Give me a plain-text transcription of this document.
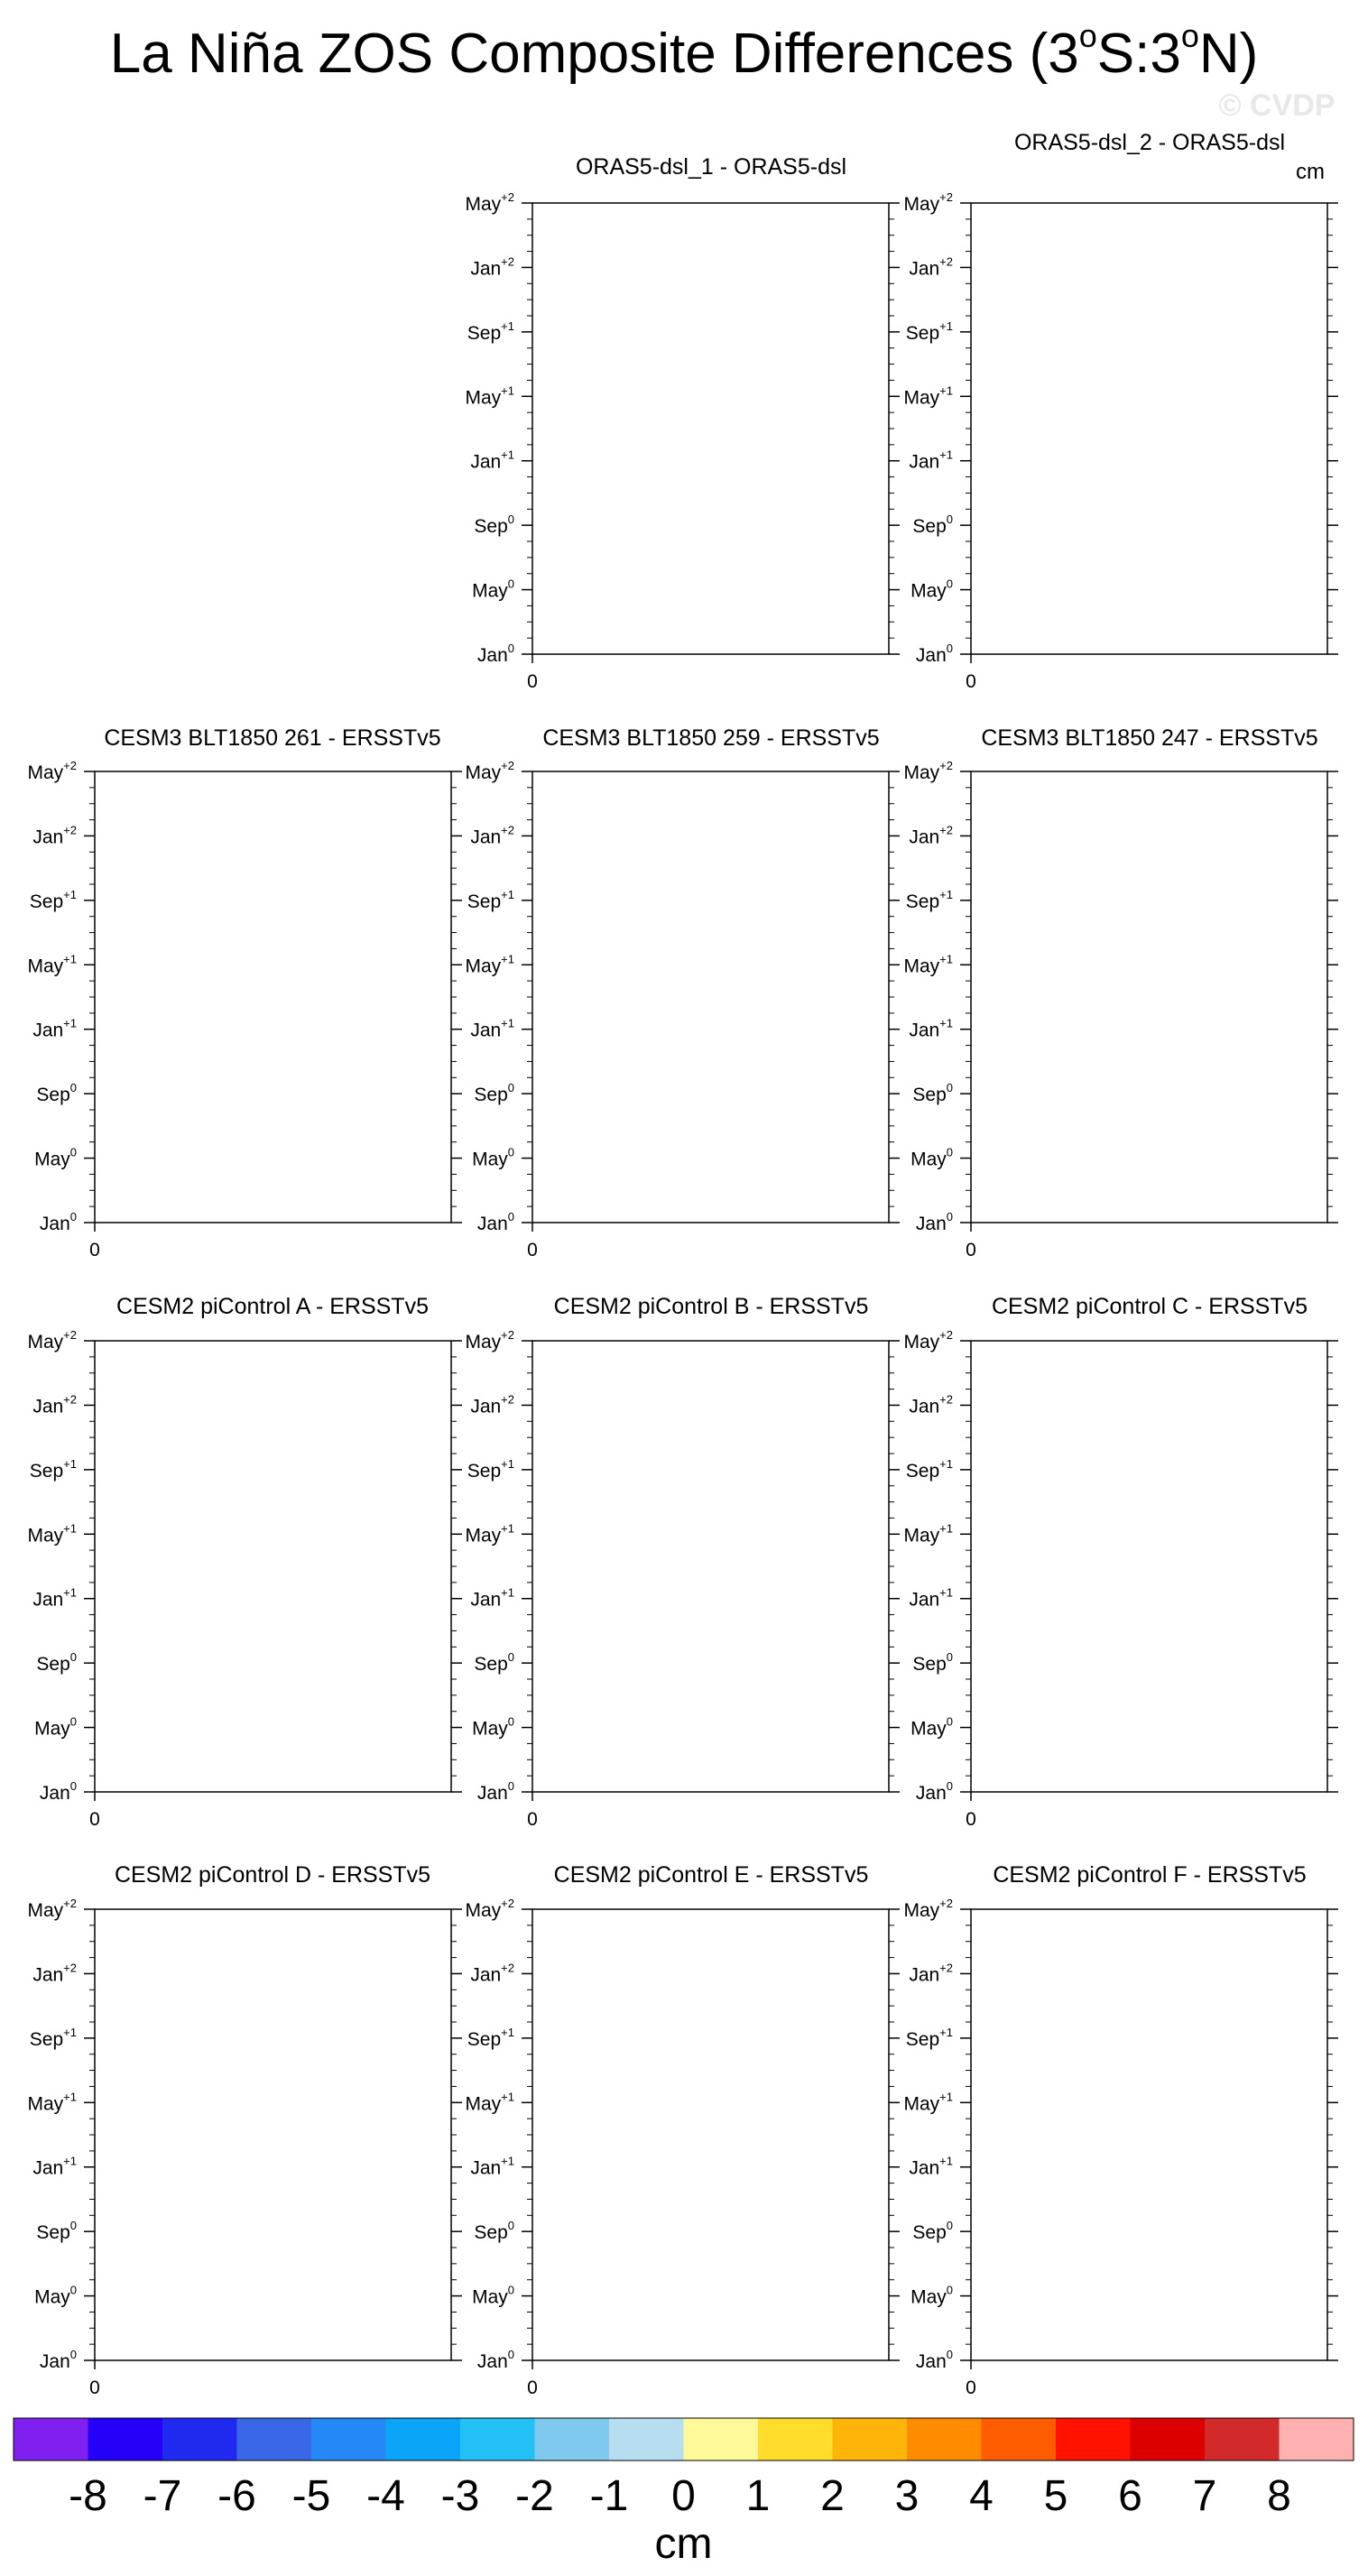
La Niña ZOS Composite Differences (3$^o$S:3$^o$N)
© CVDP
cm
ORAS5-dsl_1 - ORAS5-dsl
May$^{+2}$
Jan$^{+2}$
Sep$^{+1}$
May$^{+1}$
Jan$^{+1}$
Sep$^0$
May$^0$
Jan$^0$
0
ORAS5-dsl_2 - ORAS5-dsl
May$^{+2}$
Jan$^{+2}$
Sep$^{+1}$
May$^{+1}$
Jan$^{+1}$
Sep$^0$
May$^0$
Jan$^0$
0
CESM3 BLT1850 261 - ERSSTv5
May$^{+2}$
Jan$^{+2}$
Sep$^{+1}$
May$^{+1}$
Jan$^{+1}$
Sep$^0$
May$^0$
Jan$^0$
0
CESM3 BLT1850 259 - ERSSTv5
May$^{+2}$
Jan$^{+2}$
Sep$^{+1}$
May$^{+1}$
Jan$^{+1}$
Sep$^0$
May$^0$
Jan$^0$
0
CESM3 BLT1850 247 - ERSSTv5
May$^{+2}$
Jan$^{+2}$
Sep$^{+1}$
May$^{+1}$
Jan$^{+1}$
Sep$^0$
May$^0$
Jan$^0$
0
CESM2 piControl A - ERSSTv5
May$^{+2}$
Jan$^{+2}$
Sep$^{+1}$
May$^{+1}$
Jan$^{+1}$
Sep$^0$
May$^0$
Jan$^0$
0
CESM2 piControl B - ERSSTv5
May$^{+2}$
Jan$^{+2}$
Sep$^{+1}$
May$^{+1}$
Jan$^{+1}$
Sep$^0$
May$^0$
Jan$^0$
0
CESM2 piControl C - ERSSTv5
May$^{+2}$
Jan$^{+2}$
Sep$^{+1}$
May$^{+1}$
Jan$^{+1}$
Sep$^0$
May$^0$
Jan$^0$
0
CESM2 piControl D - ERSSTv5
May$^{+2}$
Jan$^{+2}$
Sep$^{+1}$
May$^{+1}$
Jan$^{+1}$
Sep$^0$
May$^0$
Jan$^0$
0
CESM2 piControl E - ERSSTv5
May$^{+2}$
Jan$^{+2}$
Sep$^{+1}$
May$^{+1}$
Jan$^{+1}$
Sep$^0$
May$^0$
Jan$^0$
0
CESM2 piControl F - ERSSTv5
May$^{+2}$
Jan$^{+2}$
Sep$^{+1}$
May$^{+1}$
Jan$^{+1}$
Sep$^0$
May$^0$
Jan$^0$
0
-8 -7 -6 -5 -4 -3 -2 -1 0 1 2 3 4 5 6 7 8
cm
